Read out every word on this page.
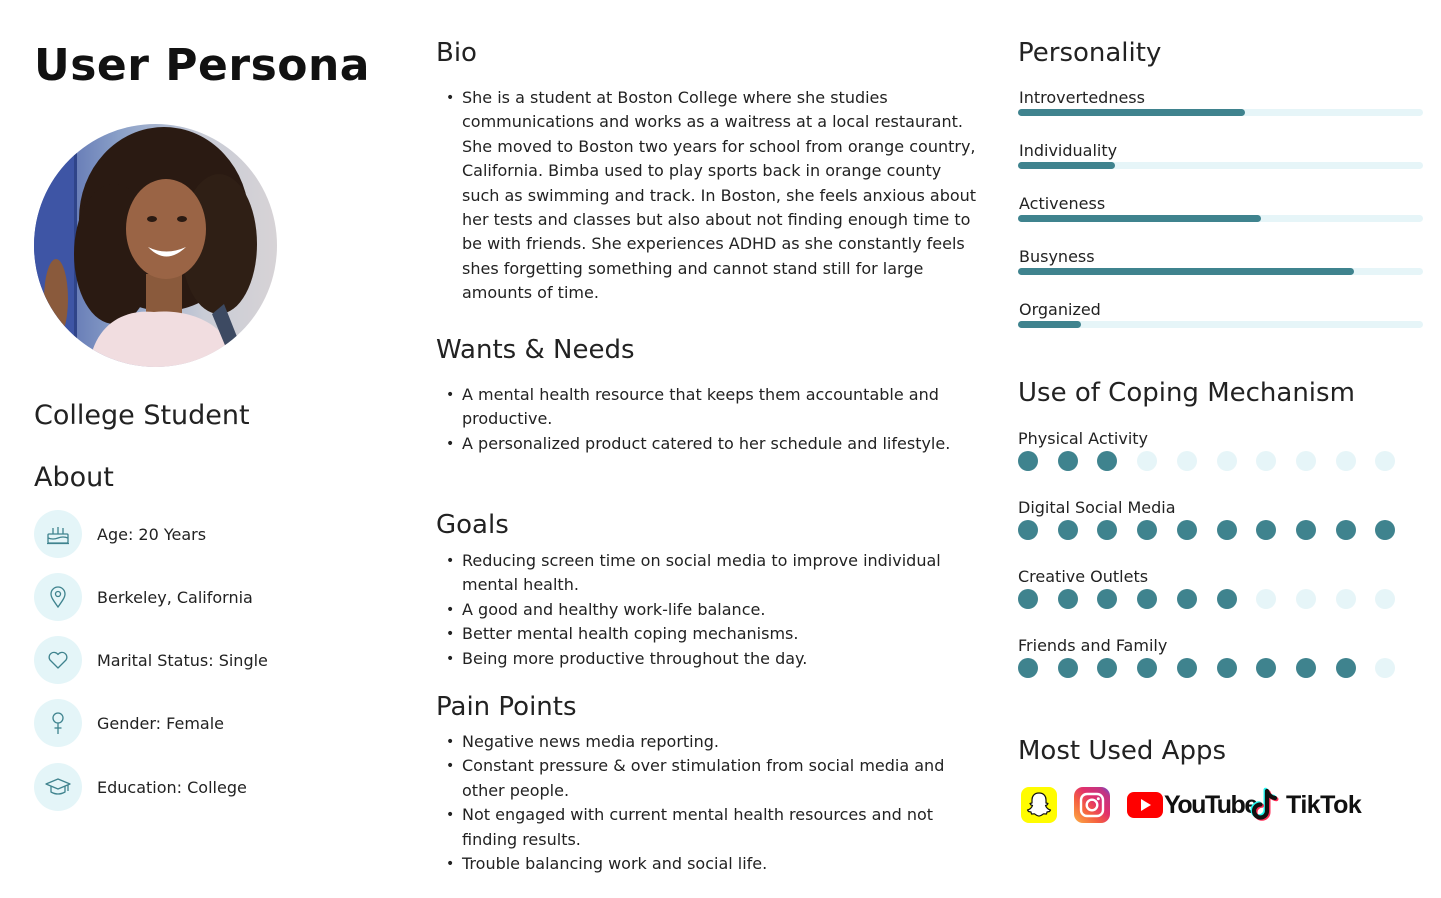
User Persona
College Student
About
Age: 20 Years
Berkeley, California
Marital Status: Single
Gender: Female
Education: College
Bio
• She is a student at Boston College where she studies communications and works as a waitress at a local restaurant. She moved to Boston two years for school from orange country, California. Bimba used to play sports back in orange county such as swimming and track. In Boston, she feels anxious about her tests and classes but also about not finding enough time to be with friends. She experiences ADHD as she constantly feels shes forgetting something and cannot stand still for large amounts of time.
Wants & Needs
• A mental health resource that keeps them accountable and productive.
• A personalized product catered to her schedule and lifestyle.
Goals
• Reducing screen time on social media to improve individual mental health.
• A good and healthy work-life balance.
• Better mental health coping mechanisms.
• Being more productive throughout the day.
Pain Points
• Negative news media reporting.
• Constant pressure & over stimulation from social media and other people.
• Not engaged with current mental health resources and not finding results.
• Trouble balancing work and social life.
Personality
Introvertedness
Individuality
Activeness
Busyness
Organized
Use of Coping Mechanism
Physical Activity
Digital Social Media
Creative Outlets
Friends and Family
Most Used Apps
YouTube TikTok
